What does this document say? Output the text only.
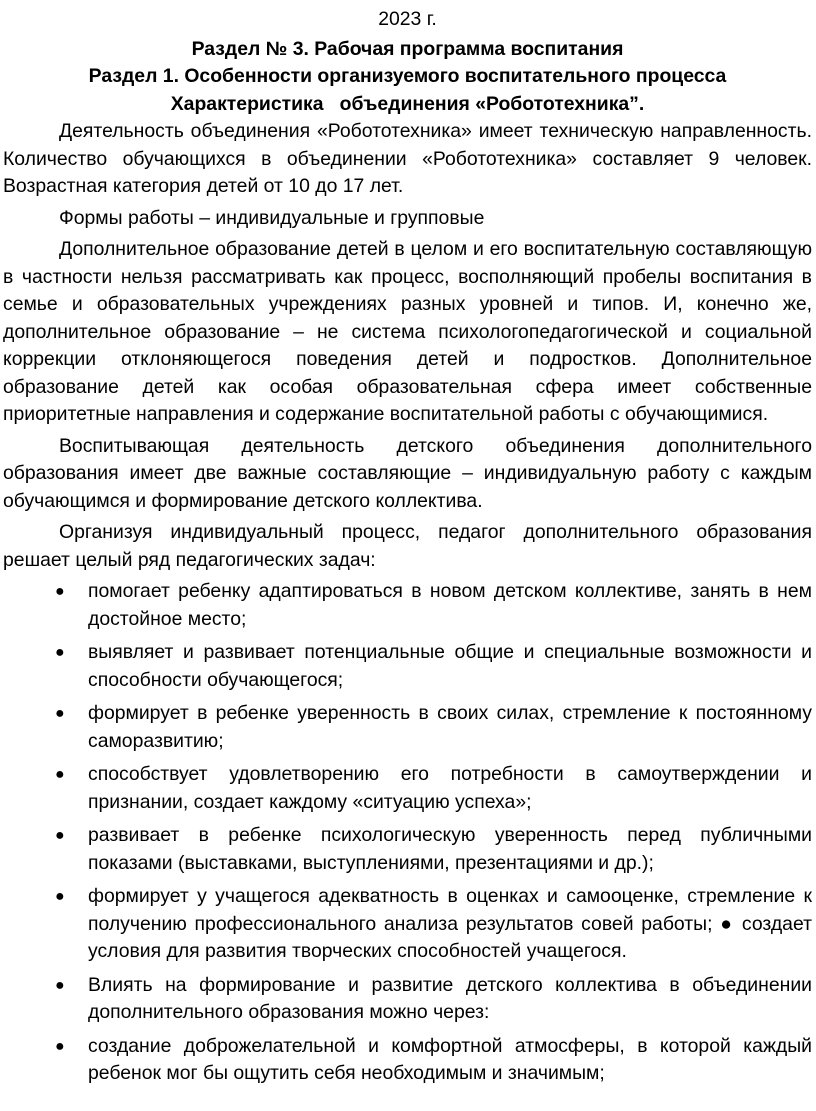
2023 г.
Раздел № 3. Рабочая программа воспитания
Раздел 1. Особенности организуемого воспитательного процесса
Характеристика   объединения «Робототехника”.

Деятельность объединения «Робототехника» имеет техническую направленность. Количество обучающихся в объединении «Робототехника» составляет 9 человек. Возрастная категория детей от 10 до 17 лет.

Формы работы – индивидуальные и групповые

Дополнительное образование детей в целом и его воспитательную составляющую в частности нельзя рассматривать как процесс, восполняющий пробелы воспитания в семье и образовательных учреждениях разных уровней и типов. И, конечно же, дополнительное образование – не система психологопедагогической и социальной коррекции отклоняющегося поведения детей и подростков. Дополнительное образование детей как особая образовательная сфера имеет собственные приоритетные направления и содержание воспитательной работы с обучающимися.

Воспитывающая деятельность детского объединения дополнительного образования имеет две важные составляющие – индивидуальную работу с каждым обучающимся и формирование детского коллектива.

Организуя индивидуальный процесс, педагог дополнительного образования решает целый ряд педагогических задач:

● помогает ребенку адаптироваться в новом детском коллективе, занять в нем достойное место;
● выявляет и развивает потенциальные общие и специальные возможности и способности обучающегося;
● формирует в ребенке уверенность в своих силах, стремление к постоянному саморазвитию;
● способствует удовлетворению его потребности в самоутверждении и признании, создает каждому «ситуацию успеха»;
● развивает в ребенке психологическую уверенность перед публичными показами (выставками, выступлениями, презентациями и др.);
● формирует у учащегося адекватность в оценках и самооценке, стремление к получению профессионального анализа результатов совей работы; ● создает условия для развития творческих способностей учащегося.
● Влиять на формирование и развитие детского коллектива в объединении дополнительного образования можно через:
● создание доброжелательной и комфортной атмосферы, в которой каждый ребенок мог бы ощутить себя необходимым и значимым;
